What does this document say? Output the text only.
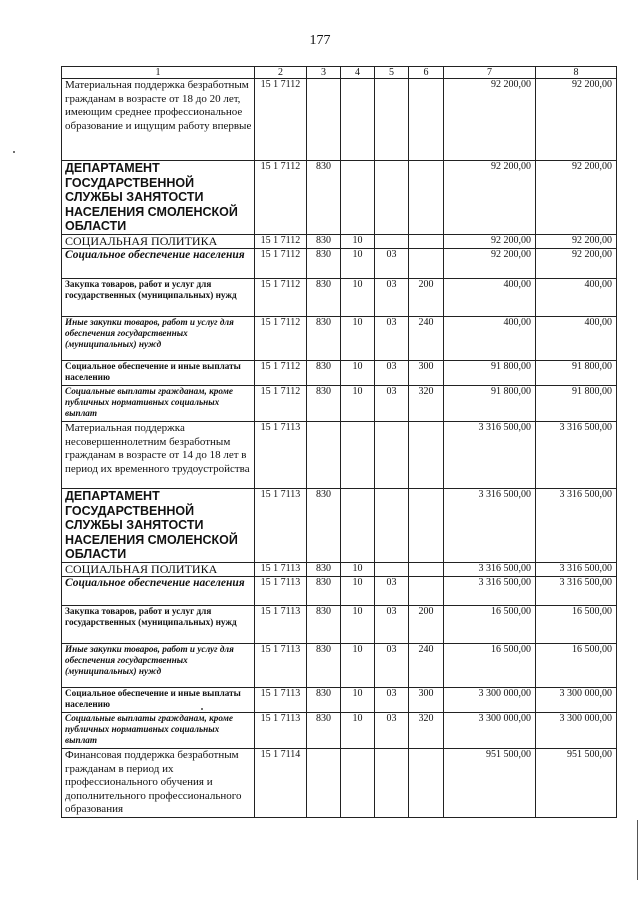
177
1	2	3	4	5	6	7	8
Материальная поддержка безработным гражданам в возрасте от 18 до 20 лет, имеющим среднее профессиональное образование и ищущим работу впервые	15 1 7112					92 200,00	92 200,00
ДЕПАРТАМЕНТ ГОСУДАРСТВЕННОЙ СЛУЖБЫ ЗАНЯТОСТИ НАСЕЛЕНИЯ СМОЛЕНСКОЙ ОБЛАСТИ	15 1 7112	830				92 200,00	92 200,00
СОЦИАЛЬНАЯ ПОЛИТИКА	15 1 7112	830	10			92 200,00	92 200,00
Социальное обеспечение населения	15 1 7112	830	10	03		92 200,00	92 200,00
Закупка товаров, работ и услуг для государственных (муниципальных) нужд	15 1 7112	830	10	03	200	400,00	400,00
Иные закупки товаров, работ и услуг для обеспечения государственных (муниципальных) нужд	15 1 7112	830	10	03	240	400,00	400,00
Социальное обеспечение и иные выплаты населению	15 1 7112	830	10	03	300	91 800,00	91 800,00
Социальные выплаты гражданам, кроме публичных нормативных социальных выплат	15 1 7112	830	10	03	320	91 800,00	91 800,00
Материальная поддержка несовершеннолетним безработным гражданам в возрасте от 14 до 18 лет в период их временного трудоустройства	15 1 7113					3 316 500,00	3 316 500,00
ДЕПАРТАМЕНТ ГОСУДАРСТВЕННОЙ СЛУЖБЫ ЗАНЯТОСТИ НАСЕЛЕНИЯ СМОЛЕНСКОЙ ОБЛАСТИ	15 1 7113	830				3 316 500,00	3 316 500,00
СОЦИАЛЬНАЯ ПОЛИТИКА	15 1 7113	830	10			3 316 500,00	3 316 500,00
Социальное обеспечение населения	15 1 7113	830	10	03		3 316 500,00	3 316 500,00
Закупка товаров, работ и услуг для государственных (муниципальных) нужд	15 1 7113	830	10	03	200	16 500,00	16 500,00
Иные закупки товаров, работ и услуг для обеспечения государственных (муниципальных) нужд	15 1 7113	830	10	03	240	16 500,00	16 500,00
Социальное обеспечение и иные выплаты населению	15 1 7113	830	10	03	300	3 300 000,00	3 300 000,00
Социальные выплаты гражданам, кроме публичных нормативных социальных выплат	15 1 7113	830	10	03	320	3 300 000,00	3 300 000,00
Финансовая поддержка безработным гражданам в период их профессионального обучения и дополнительного профессионального образования	15 1 7114					951 500,00	951 500,00
